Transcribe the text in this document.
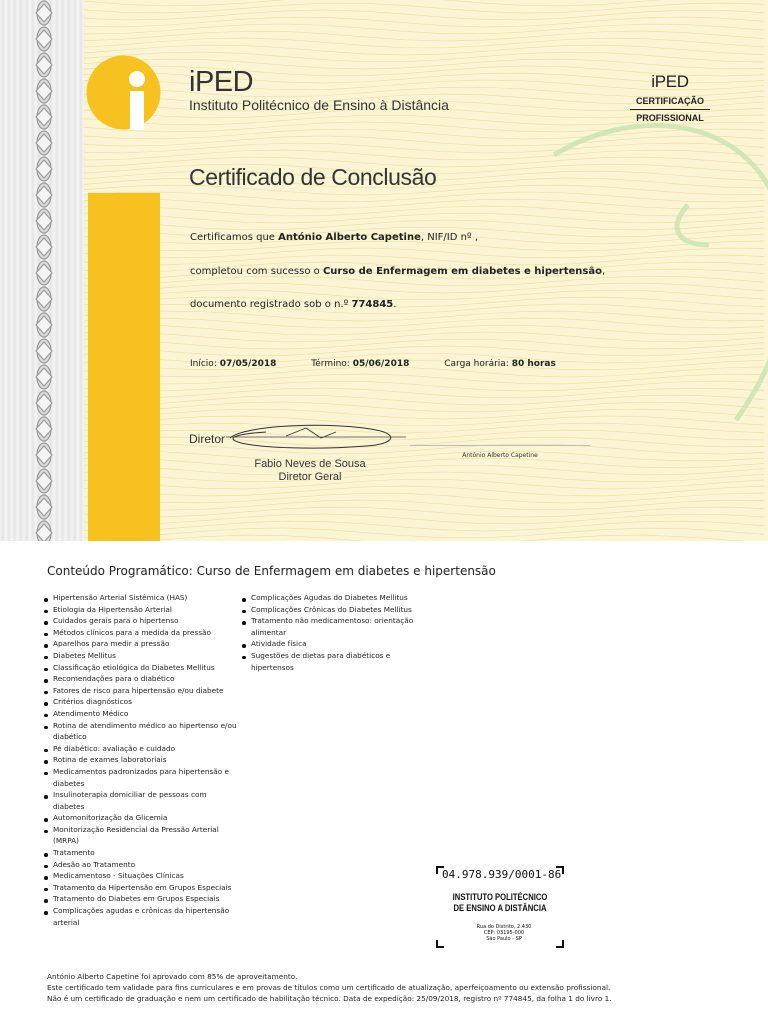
iPED
Instituto Politécnico de Ensino à Distância
iPED
CERTIFICAÇÃO
PROFISSIONAL
Certificado de Conclusão
Certificamos que António Alberto Capetine, NIF/ID nº ,
completou com sucesso o Curso de Enfermagem em diabetes e hipertensão,
documento registrado sob o n.º 774845.
Início: 07/05/2018	Término: 05/06/2018	Carga horária: 80 horas
Diretor
Fabio Neves de Sousa
Diretor Geral
António Alberto Capetine
Conteúdo Programático: Curso de Enfermagem em diabetes e hipertensão
Hipertensão Arterial Sistêmica (HAS)
Etiologia da Hipertensão Arterial
Cuidados gerais para o hipertenso
Métodos clínicos para a medida da pressão
Aparelhos para medir a pressão
Diabetes Mellitus
Classificação etiológica do Diabetes Mellitus
Recomendações para o diabético
Fatores de risco para hipertensão e/ou diabete
Critérios diagnósticos
Atendimento Médico
Rotina de atendimento médico ao hipertenso e/ou diabético
Pé diabético: avaliação e cuidado
Rotina de exames laboratoriais
Medicamentos padronizados para hipertensão e diabetes
Insulinoterapia domiciliar de pessoas com diabetes
Automonitorização da Glicemia
Monitorização Residencial da Pressão Arterial (MRPA)
Tratamento
Adesão ao Tratamento
Medicamentoso - Situações Clínicas
Tratamento da Hipertensão em Grupos Especiais
Tratamento do Diabetes em Grupos Especiais
Complicações agudas e crônicas da hipertensão arterial
Complicações Agudas do Diabetes Mellitus
Complicações Crônicas do Diabetes Mellitus
Tratamento não medicamentoso: orientação alimentar
Atividade física
Sugestões de dietas para diabéticos e hipertensos
04.978.939/0001-86
INSTITUTO POLITÉCNICO
DE ENSINO A DISTÂNCIA
Rua do Distrito, 2.430
CEP: 03195-000
São Paulo - SP
António Alberto Capetine foi aprovado com 85% de aproveitamento.
Este certificado tem validade para fins curriculares e em provas de títulos como um certificado de atualização, aperfeiçoamento ou extensão profissional.
Não é um certificado de graduação e nem um certificado de habilitação técnico. Data de expedição: 25/09/2018, registro nº 774845, da folha 1 do livro 1.
